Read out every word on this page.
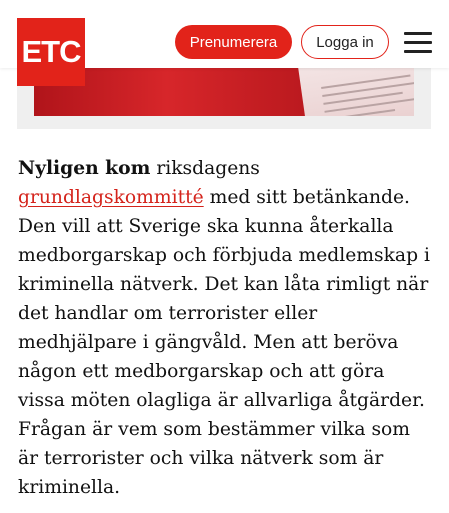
Prenumerera	Logga in
ETC

Nyligen kom riksdagens grundlagskommitté med sitt betänkande. Den vill att Sverige ska kunna återkalla medborgarskap och förbjuda medlemskap i kriminella nätverk. Det kan låta rimligt när det handlar om terrorister eller medhjälpare i gängvåld. Men att beröva någon ett medborgarskap och att göra vissa möten olagliga är allvarliga åtgärder. Frågan är vem som bestämmer vilka som är terrorister och vilka nätverk som är kriminella.
